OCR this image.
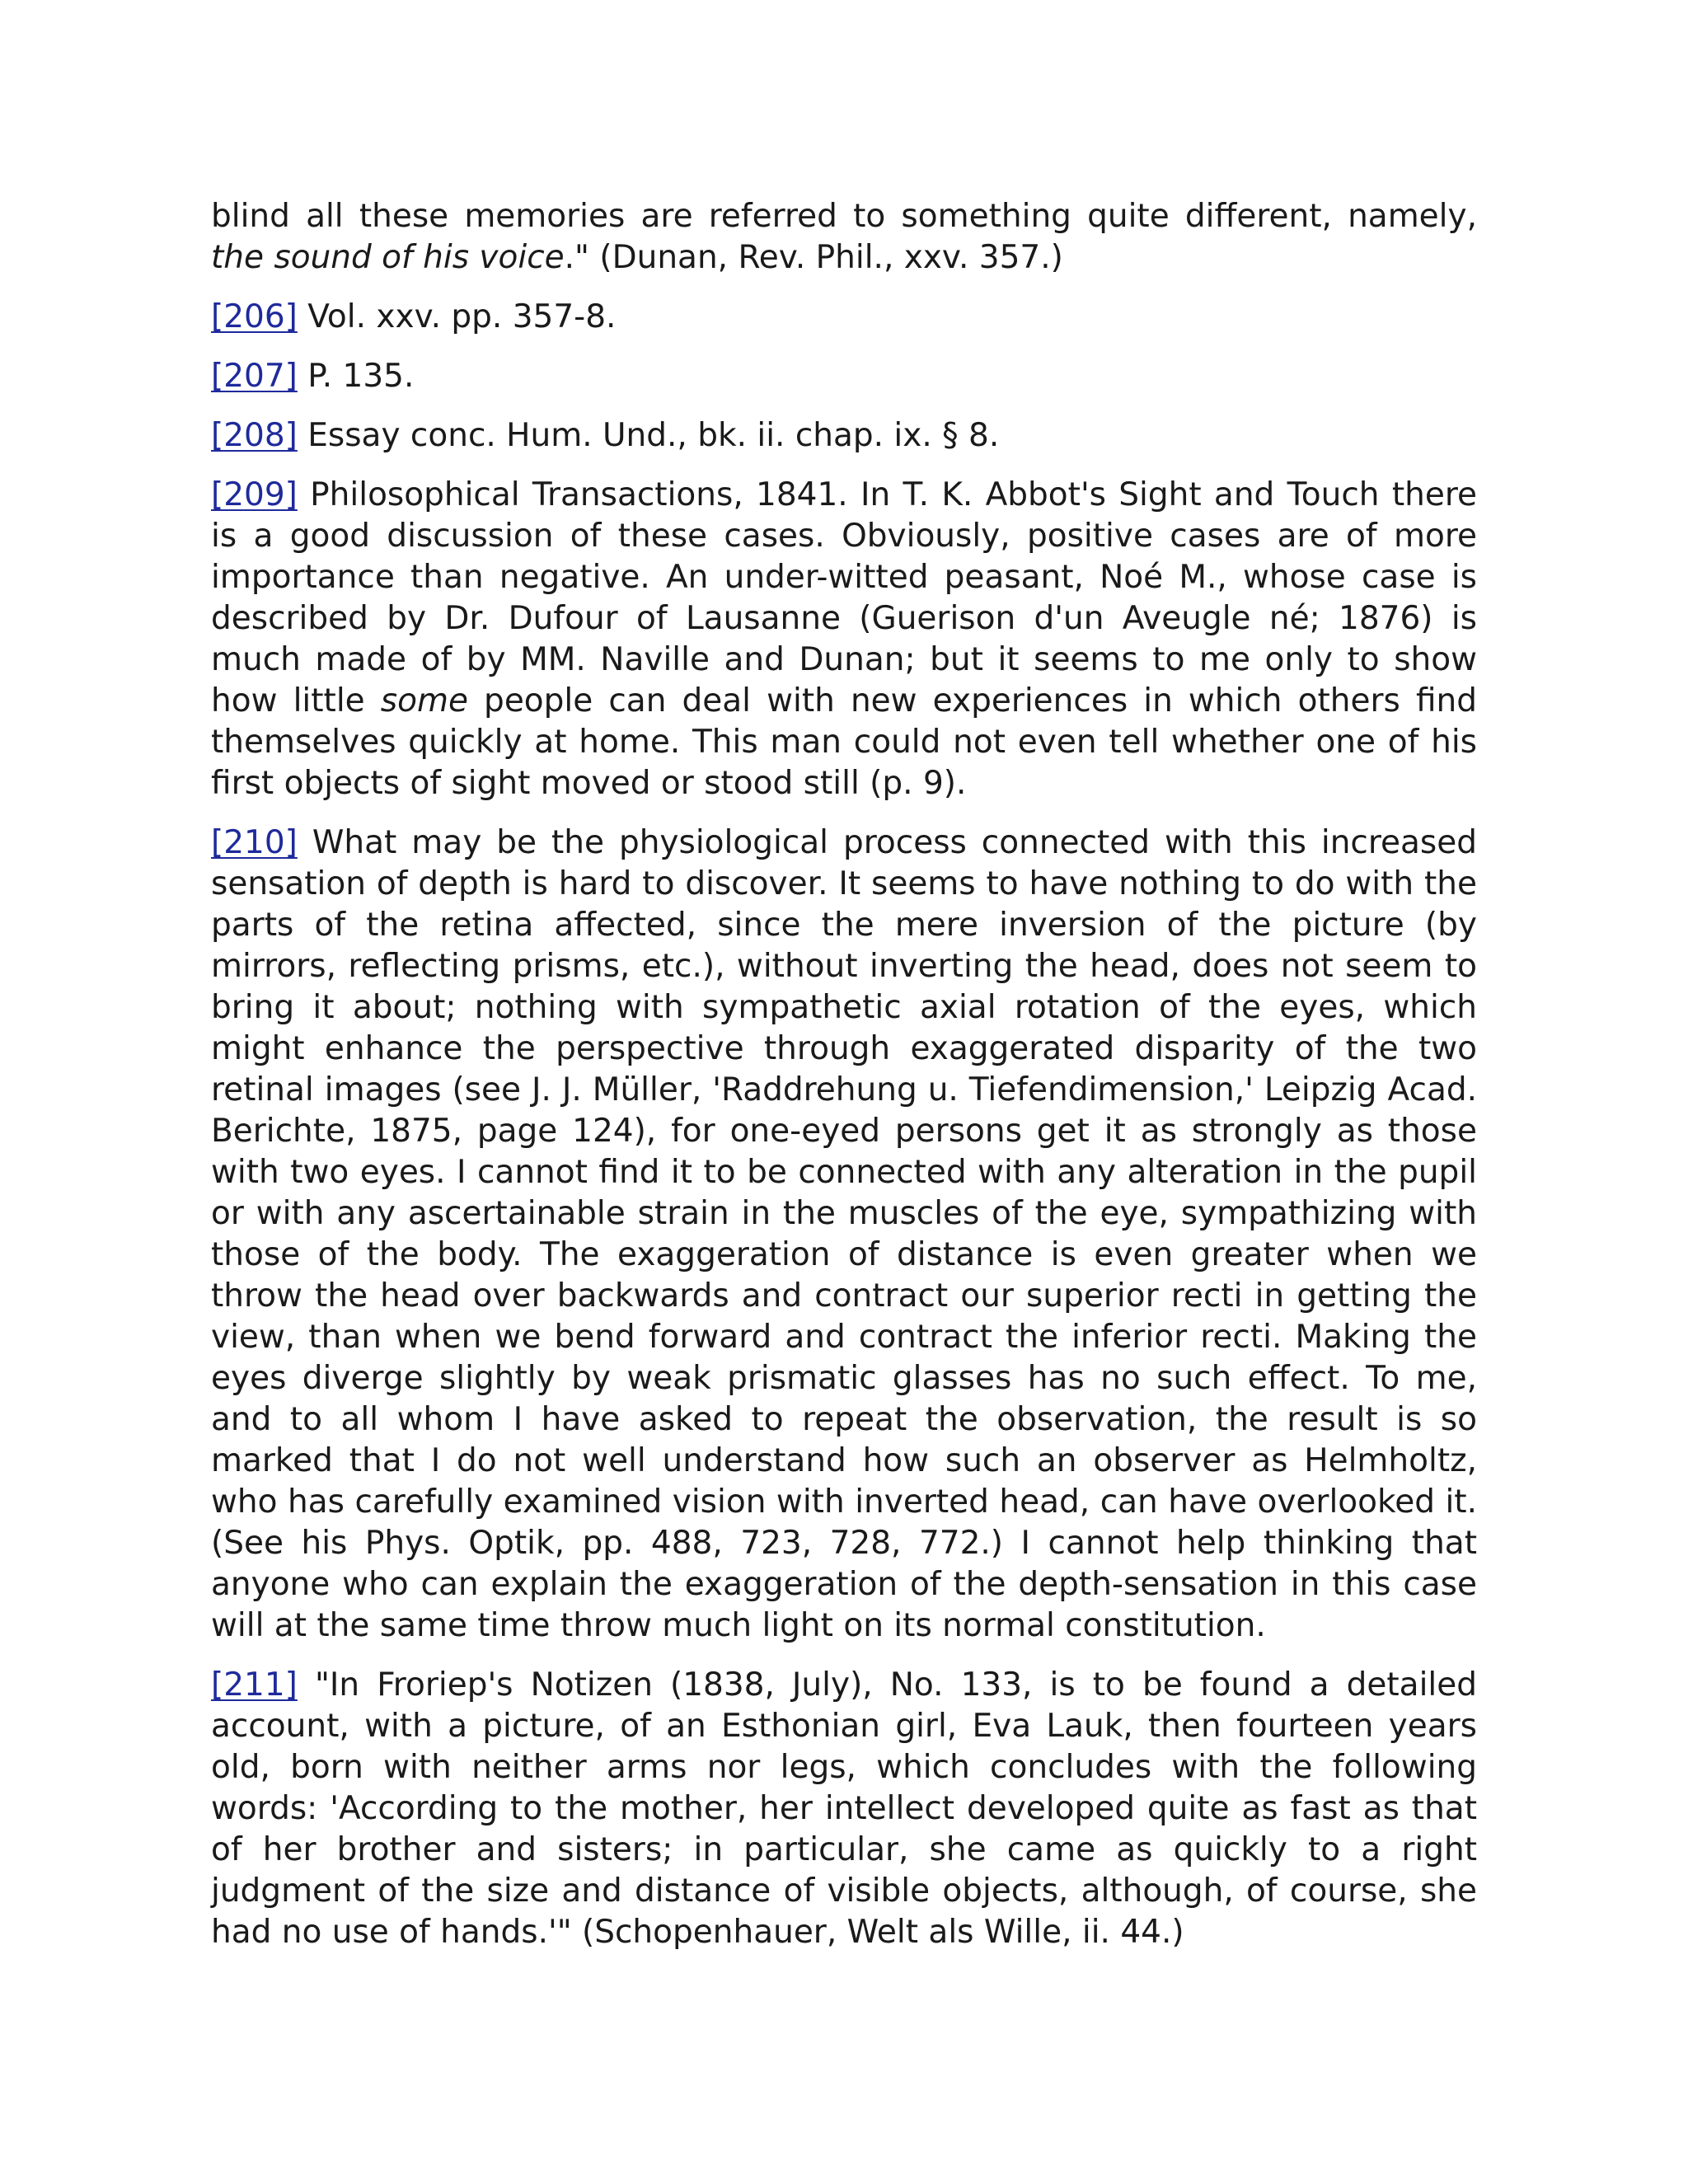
blind all these memories are referred to something quite different, namely, the sound of his voice." (Dunan, Rev. Phil., xxv. 357.)

[206] Vol. xxv. pp. 357-8.

[207] P. 135.

[208] Essay conc. Hum. Und., bk. ii. chap. ix. § 8.

[209] Philosophical Transactions, 1841. In T. K. Abbot's Sight and Touch there is a good discussion of these cases. Obviously, positive cases are of more importance than negative. An under-witted peasant, Noé M., whose case is described by Dr. Dufour of Lausanne (Guerison d'un Aveugle né; 1876) is much made of by MM. Naville and Dunan; but it seems to me only to show how little some people can deal with new experiences in which others find themselves quickly at home. This man could not even tell whether one of his first objects of sight moved or stood still (p. 9).

[210] What may be the physiological process connected with this increased sensation of depth is hard to discover. It seems to have nothing to do with the parts of the retina affected, since the mere inversion of the picture (by mirrors, reflecting prisms, etc.), without inverting the head, does not seem to bring it about; nothing with sympathetic axial rotation of the eyes, which might enhance the perspective through exaggerated disparity of the two retinal images (see J. J. Müller, 'Raddrehung u. Tiefendimension,' Leipzig Acad. Berichte, 1875, page 124), for one-eyed persons get it as strongly as those with two eyes. I cannot find it to be connected with any alteration in the pupil or with any ascertainable strain in the muscles of the eye, sympathizing with those of the body. The exaggeration of distance is even greater when we throw the head over backwards and contract our superior recti in getting the view, than when we bend forward and contract the inferior recti. Making the eyes diverge slightly by weak prismatic glasses has no such effect. To me, and to all whom I have asked to repeat the observation, the result is so marked that I do not well understand how such an observer as Helmholtz, who has carefully examined vision with inverted head, can have overlooked it. (See his Phys. Optik, pp. 488, 723, 728, 772.) I cannot help thinking that anyone who can explain the exaggeration of the depth-sensation in this case will at the same time throw much light on its normal constitution.

[211] "In Froriep's Notizen (1838, July), No. 133, is to be found a detailed account, with a picture, of an Esthonian girl, Eva Lauk, then fourteen years old, born with neither arms nor legs, which concludes with the following words: 'According to the mother, her intellect developed quite as fast as that of her brother and sisters; in particular, she came as quickly to a right judgment of the size and distance of visible objects, although, of course, she had no use of hands.'" (Schopenhauer, Welt als Wille, ii. 44.)
